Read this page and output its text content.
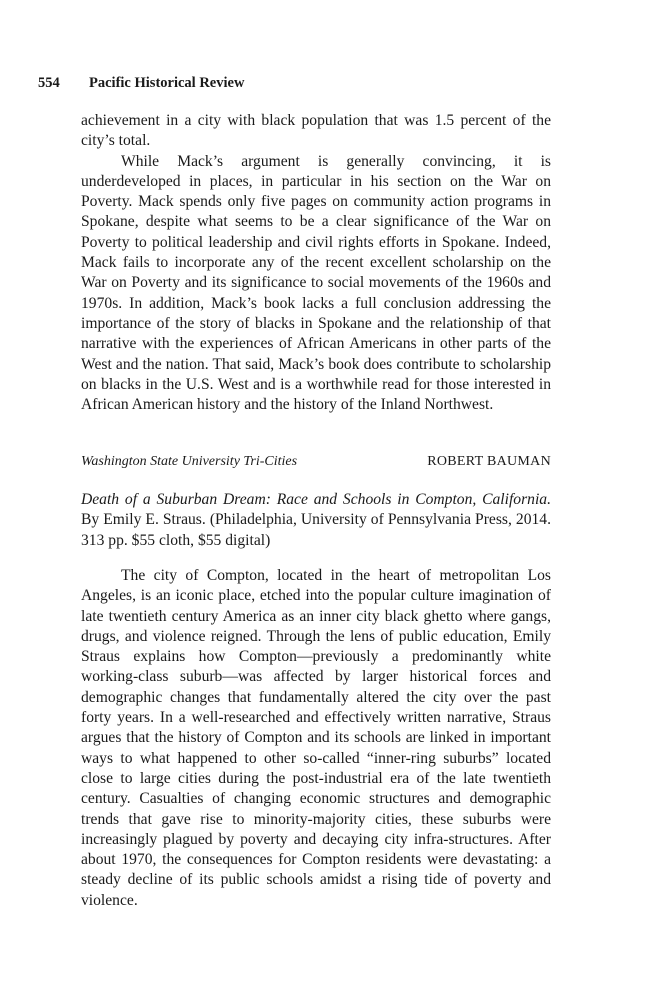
554 Pacific Historical Review

achievement in a city with black population that was 1.5 percent of the city’s total.

While Mack’s argument is generally convincing, it is underdeveloped in places, in particular in his section on the War on Poverty. Mack spends only five pages on community action programs in Spokane, despite what seems to be a clear significance of the War on Poverty to political leadership and civil rights efforts in Spokane. Indeed, Mack fails to incorporate any of the recent excellent scholarship on the War on Poverty and its significance to social movements of the 1960s and 1970s. In addition, Mack’s book lacks a full conclusion addressing the importance of the story of blacks in Spokane and the relationship of that narrative with the experiences of African Americans in other parts of the West and the nation. That said, Mack’s book does contribute to scholarship on blacks in the U.S. West and is a worthwhile read for those interested in African American history and the history of the Inland Northwest.

Washington State University Tri-Cities	ROBERT BAUMAN

Death of a Suburban Dream: Race and Schools in Compton, California. By Emily E. Straus. (Philadelphia, University of Pennsylvania Press, 2014. 313 pp. $55 cloth, $55 digital)

The city of Compton, located in the heart of metropolitan Los Angeles, is an iconic place, etched into the popular culture imagination of late twentieth century America as an inner city black ghetto where gangs, drugs, and violence reigned. Through the lens of public education, Emily Straus explains how Compton—previously a predominantly white working-class suburb—was affected by larger historical forces and demographic changes that fundamentally altered the city over the past forty years. In a well-researched and effectively written narrative, Straus argues that the history of Compton and its schools are linked in important ways to what happened to other so-called “inner-ring suburbs” located close to large cities during the post-industrial era of the late twentieth century. Casualties of changing economic structures and demographic trends that gave rise to minority-majority cities, these suburbs were increasingly plagued by poverty and decaying city infra-structures. After about 1970, the consequences for Compton residents were devastating: a steady decline of its public schools amidst a rising tide of poverty and violence.
